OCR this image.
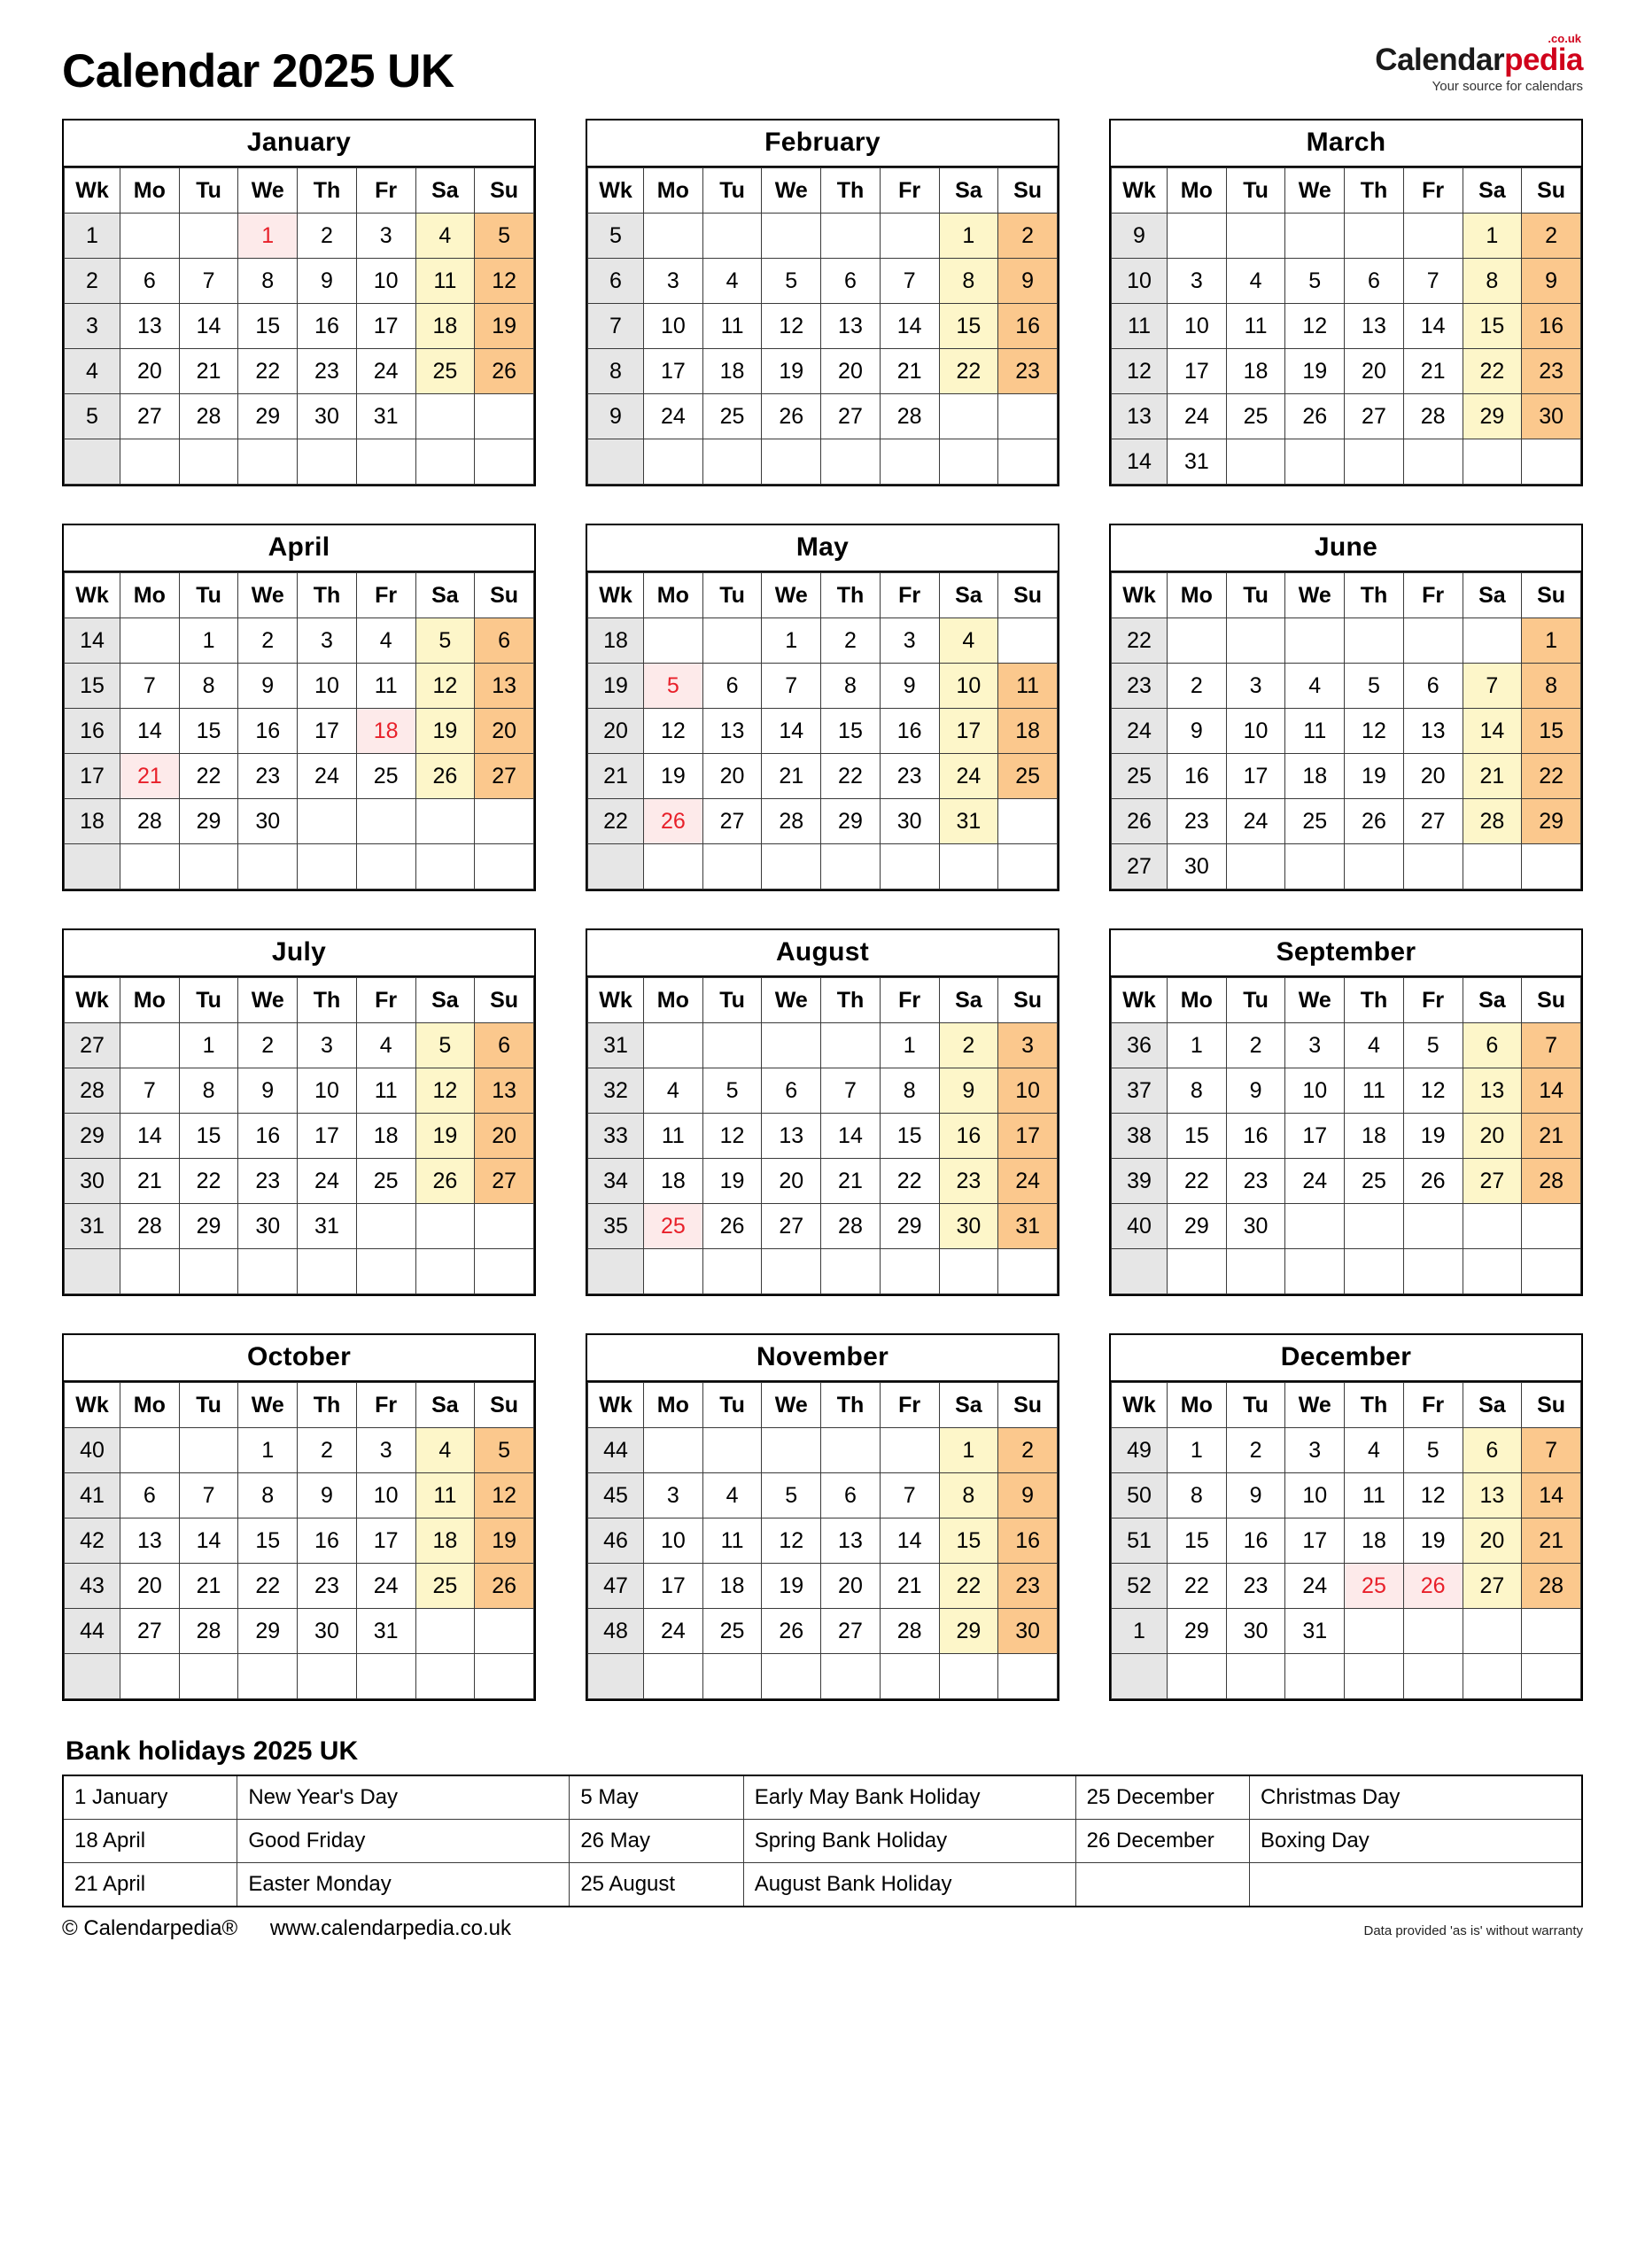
Calendar 2025 UK	Calendarpedia
.co.uk
Your source for calendars
January
Wk	Mo	Tu	We	Th	Fr	Sa	Su
1			1	2	3	4	5
2	6	7	8	9	10	11	12
3	13	14	15	16	17	18	19
4	20	21	22	23	24	25	26
5	27	28	29	30	31		

February
Wk	Mo	Tu	We	Th	Fr	Sa	Su
5						1	2
6	3	4	5	6	7	8	9
7	10	11	12	13	14	15	16
8	17	18	19	20	21	22	23
9	24	25	26	27	28		

March
Wk	Mo	Tu	We	Th	Fr	Sa	Su
9						1	2
10	3	4	5	6	7	8	9
11	10	11	12	13	14	15	16
12	17	18	19	20	21	22	23
13	24	25	26	27	28	29	30
14	31						
April
Wk	Mo	Tu	We	Th	Fr	Sa	Su
14		1	2	3	4	5	6
15	7	8	9	10	11	12	13
16	14	15	16	17	18	19	20
17	21	22	23	24	25	26	27
18	28	29	30				

May
Wk	Mo	Tu	We	Th	Fr	Sa	Su
18			1	2	3	4	
19	5	6	7	8	9	10	11
20	12	13	14	15	16	17	18
21	19	20	21	22	23	24	25
22	26	27	28	29	30	31	

June
Wk	Mo	Tu	We	Th	Fr	Sa	Su
22							1
23	2	3	4	5	6	7	8
24	9	10	11	12	13	14	15
25	16	17	18	19	20	21	22
26	23	24	25	26	27	28	29
27	30						
July
Wk	Mo	Tu	We	Th	Fr	Sa	Su
27		1	2	3	4	5	6
28	7	8	9	10	11	12	13
29	14	15	16	17	18	19	20
30	21	22	23	24	25	26	27
31	28	29	30	31			

August
Wk	Mo	Tu	We	Th	Fr	Sa	Su
31					1	2	3
32	4	5	6	7	8	9	10
33	11	12	13	14	15	16	17
34	18	19	20	21	22	23	24
35	25	26	27	28	29	30	31

September
Wk	Mo	Tu	We	Th	Fr	Sa	Su
36	1	2	3	4	5	6	7
37	8	9	10	11	12	13	14
38	15	16	17	18	19	20	21
39	22	23	24	25	26	27	28
40	29	30					

October
Wk	Mo	Tu	We	Th	Fr	Sa	Su
40			1	2	3	4	5
41	6	7	8	9	10	11	12
42	13	14	15	16	17	18	19
43	20	21	22	23	24	25	26
44	27	28	29	30	31		

November
Wk	Mo	Tu	We	Th	Fr	Sa	Su
44						1	2
45	3	4	5	6	7	8	9
46	10	11	12	13	14	15	16
47	17	18	19	20	21	22	23
48	24	25	26	27	28	29	30

December
Wk	Mo	Tu	We	Th	Fr	Sa	Su
49	1	2	3	4	5	6	7
50	8	9	10	11	12	13	14
51	15	16	17	18	19	20	21
52	22	23	24	25	26	27	28
1	29	30	31				

Bank holidays 2025 UK
1 January	New Year's Day	5 May	Early May Bank Holiday	25 December	Christmas Day
18 April	Good Friday	26 May	Spring Bank Holiday	26 December	Boxing Day
21 April	Easter Monday	25 August	August Bank Holiday		
© Calendarpedia® www.calendarpedia.co.uk	Data provided 'as is' without warranty
